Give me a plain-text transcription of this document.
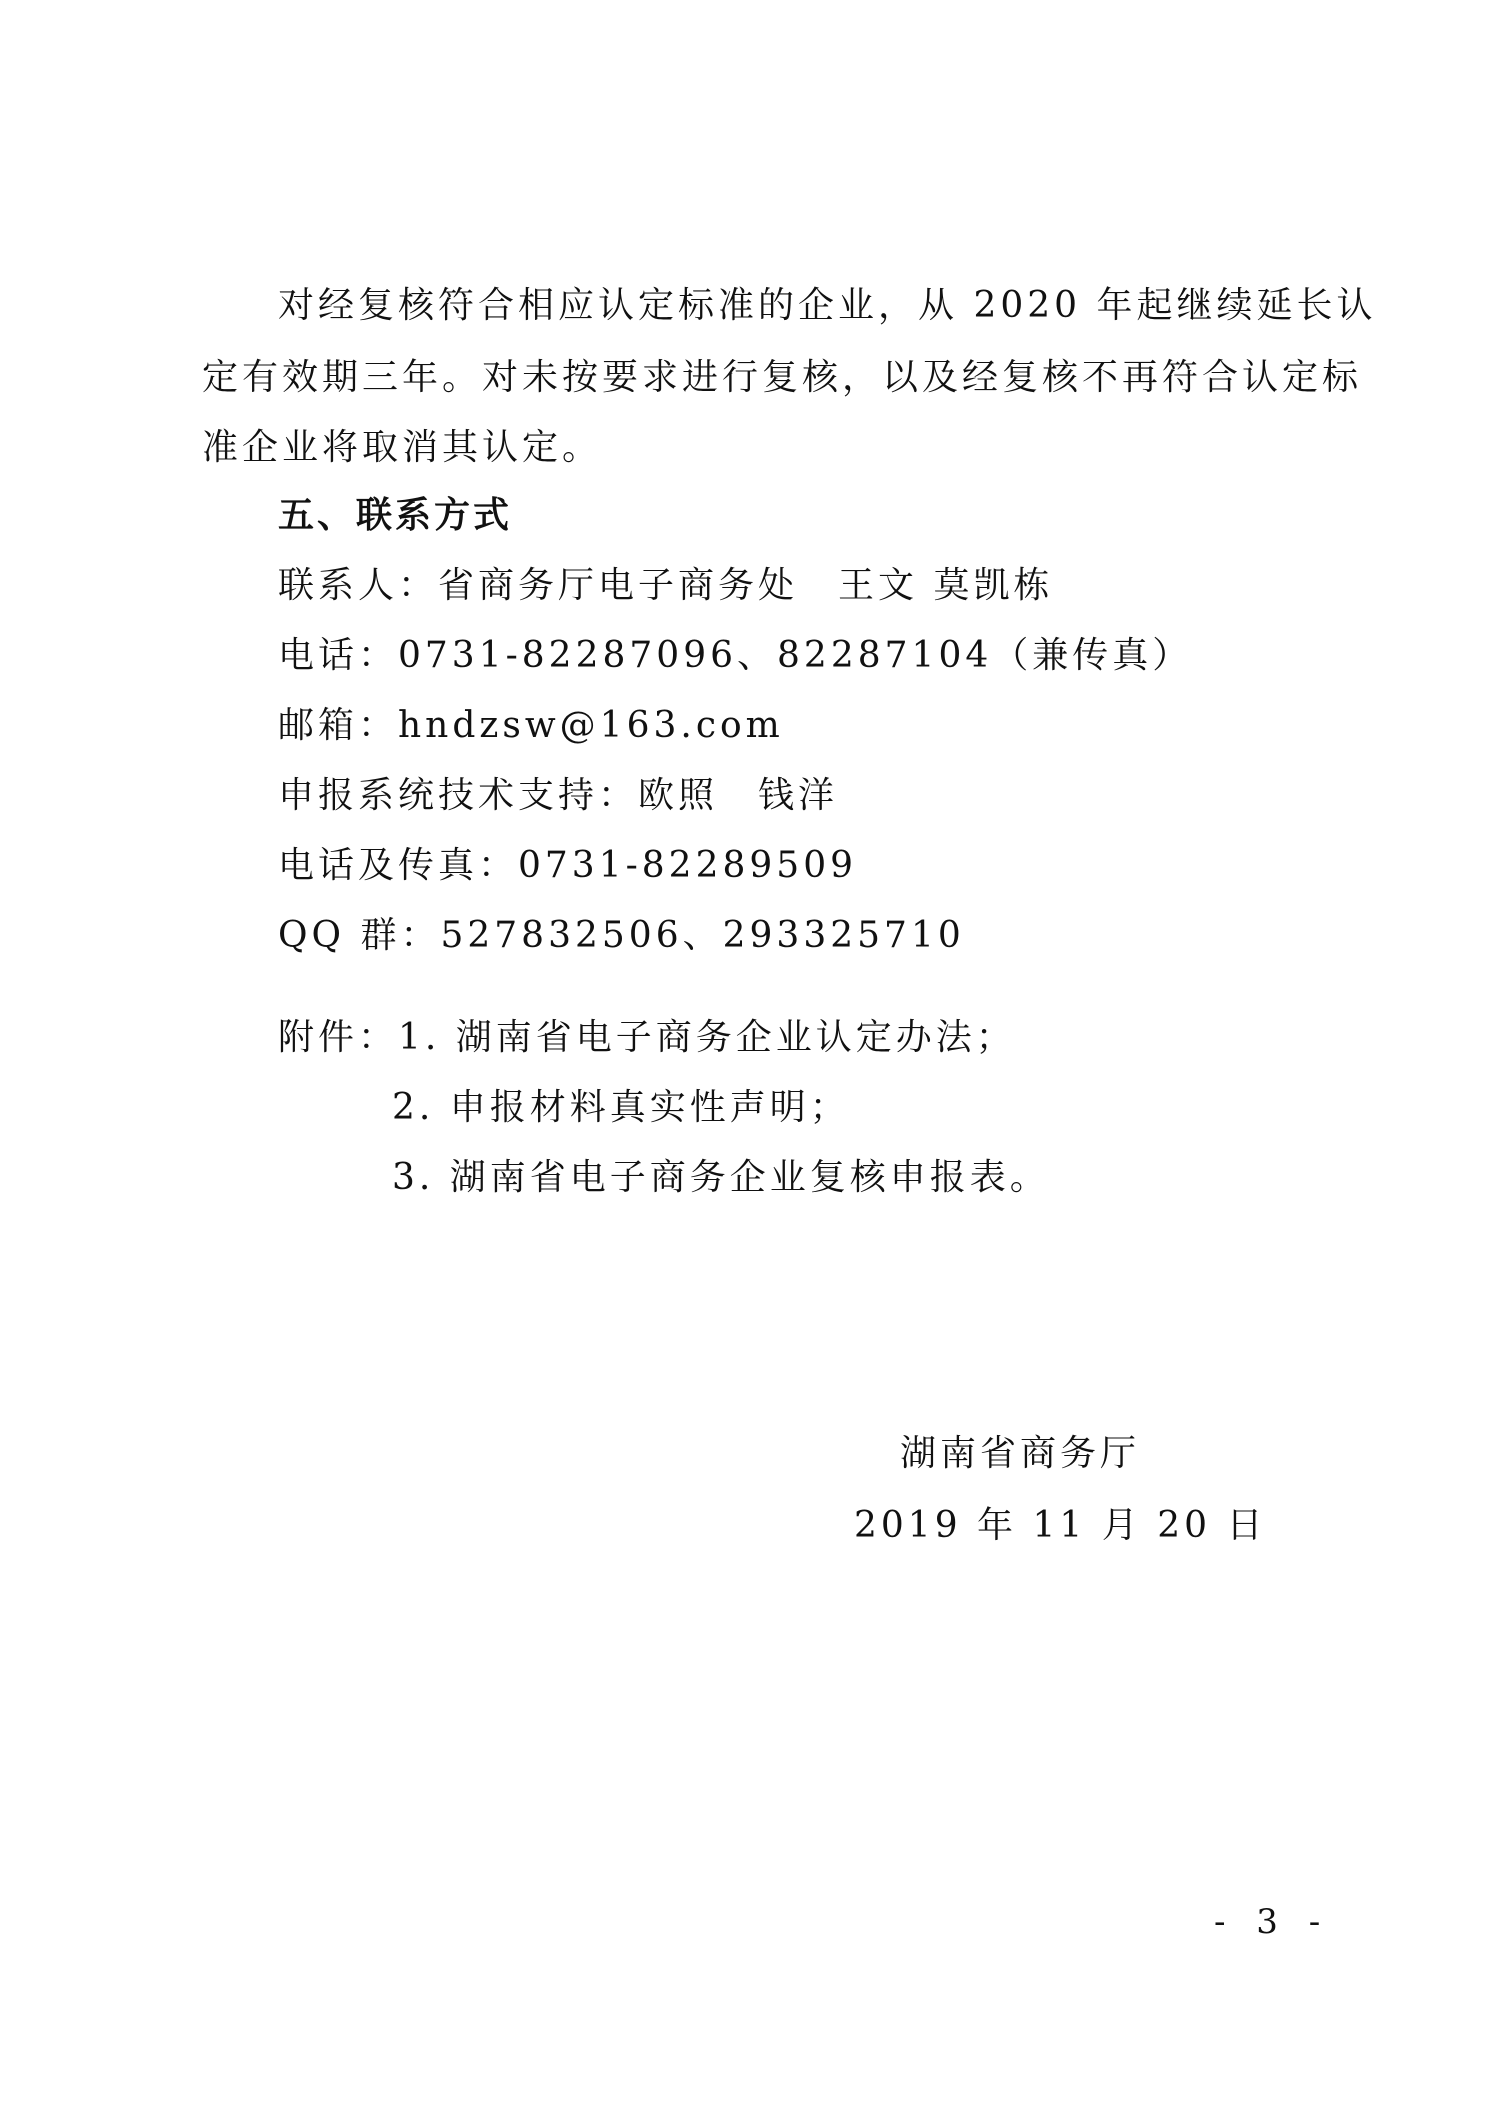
对经复核符合相应认定标准的企业，从 2020 年起继续延长认
定有效期三年。对未按要求进行复核，以及经复核不再符合认定标
准企业将取消其认定。
五、联系方式
联系人：省商务厅电子商务处　王文 莫凯栋
电话：0731-82287096、82287104（兼传真）
邮箱：hndzsw@163.com
申报系统技术支持：欧照　钱洋
电话及传真：0731-82289509
QQ 群：527832506、293325710
附件：1. 湖南省电子商务企业认定办法；
2. 申报材料真实性声明；
3. 湖南省电子商务企业复核申报表。
湖南省商务厅
2019 年 11 月 20 日
- 3 -
